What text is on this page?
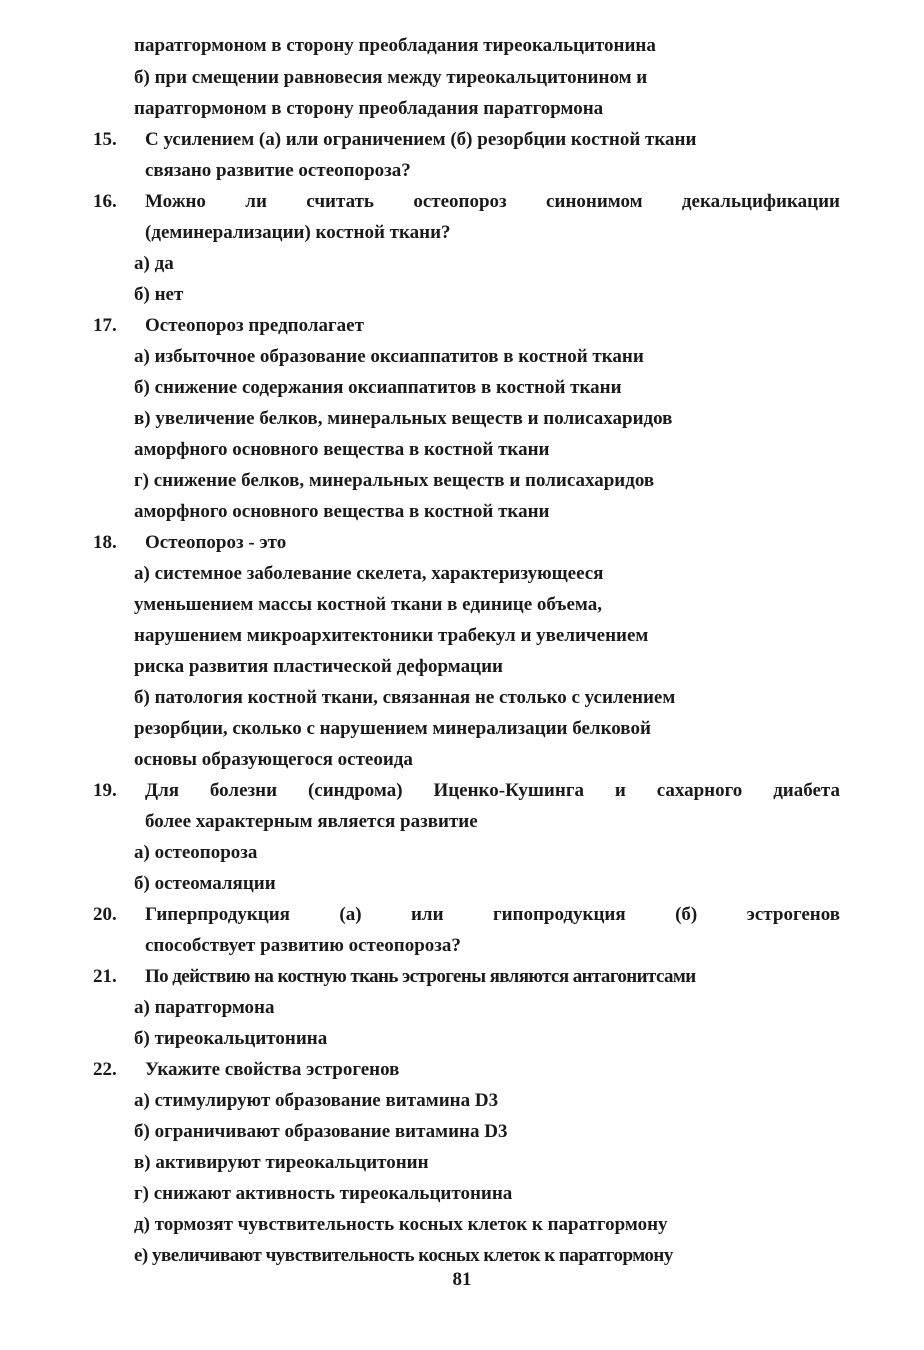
паратгормоном в сторону преобладания тиреокальцитонина
б) при смещении равновесия между тиреокальцитонином и
паратгормоном в сторону преобладания паратгормона
15. С усилением (а) или ограничением (б) резорбции костной ткани
связано развитие остеопороза?
16. Можно ли считать остеопороз синонимом декальцификации
(деминерализации) костной ткани?
а) да
б) нет
17. Остеопороз предполагает
а) избыточное образование оксиаппатитов в костной ткани
б) снижение содержания оксиаппатитов в костной ткани
в) увеличение белков, минеральных веществ и полисахаридов
аморфного основного вещества в костной ткани
г) снижение белков, минеральных веществ и полисахаридов
аморфного основного вещества в костной ткани
18. Остеопороз - это
а) системное заболевание скелета, характеризующееся
уменьшением массы костной ткани в единице объема,
нарушением микроархитектоники трабекул и увеличением
риска развития пластической деформации
б) патология костной ткани, связанная не столько с усилением
резорбции, сколько с нарушением минерализации белковой
основы образующегося остеоида
19. Для болезни (синдрома) Иценко-Кушинга и сахарного диабета
более характерным является развитие
а) остеопороза
б) остеомаляции
20. Гиперпродукция (а) или гипопродукция (б) эстрогенов
способствует развитию остеопороза?
21. По действию на костную ткань эстрогены являются антагонитсами
а) паратгормона
б) тиреокальцитонина
22. Укажите свойства эстрогенов
а) стимулируют образование витамина D3
б) ограничивают образование витамина D3
в) активируют тиреокальцитонин
г) снижают активность тиреокальцитонина
д) тормозят чувствительность косных клеток к паратгормону
е) увеличивают чувствительность косных клеток к паратгормону
81
